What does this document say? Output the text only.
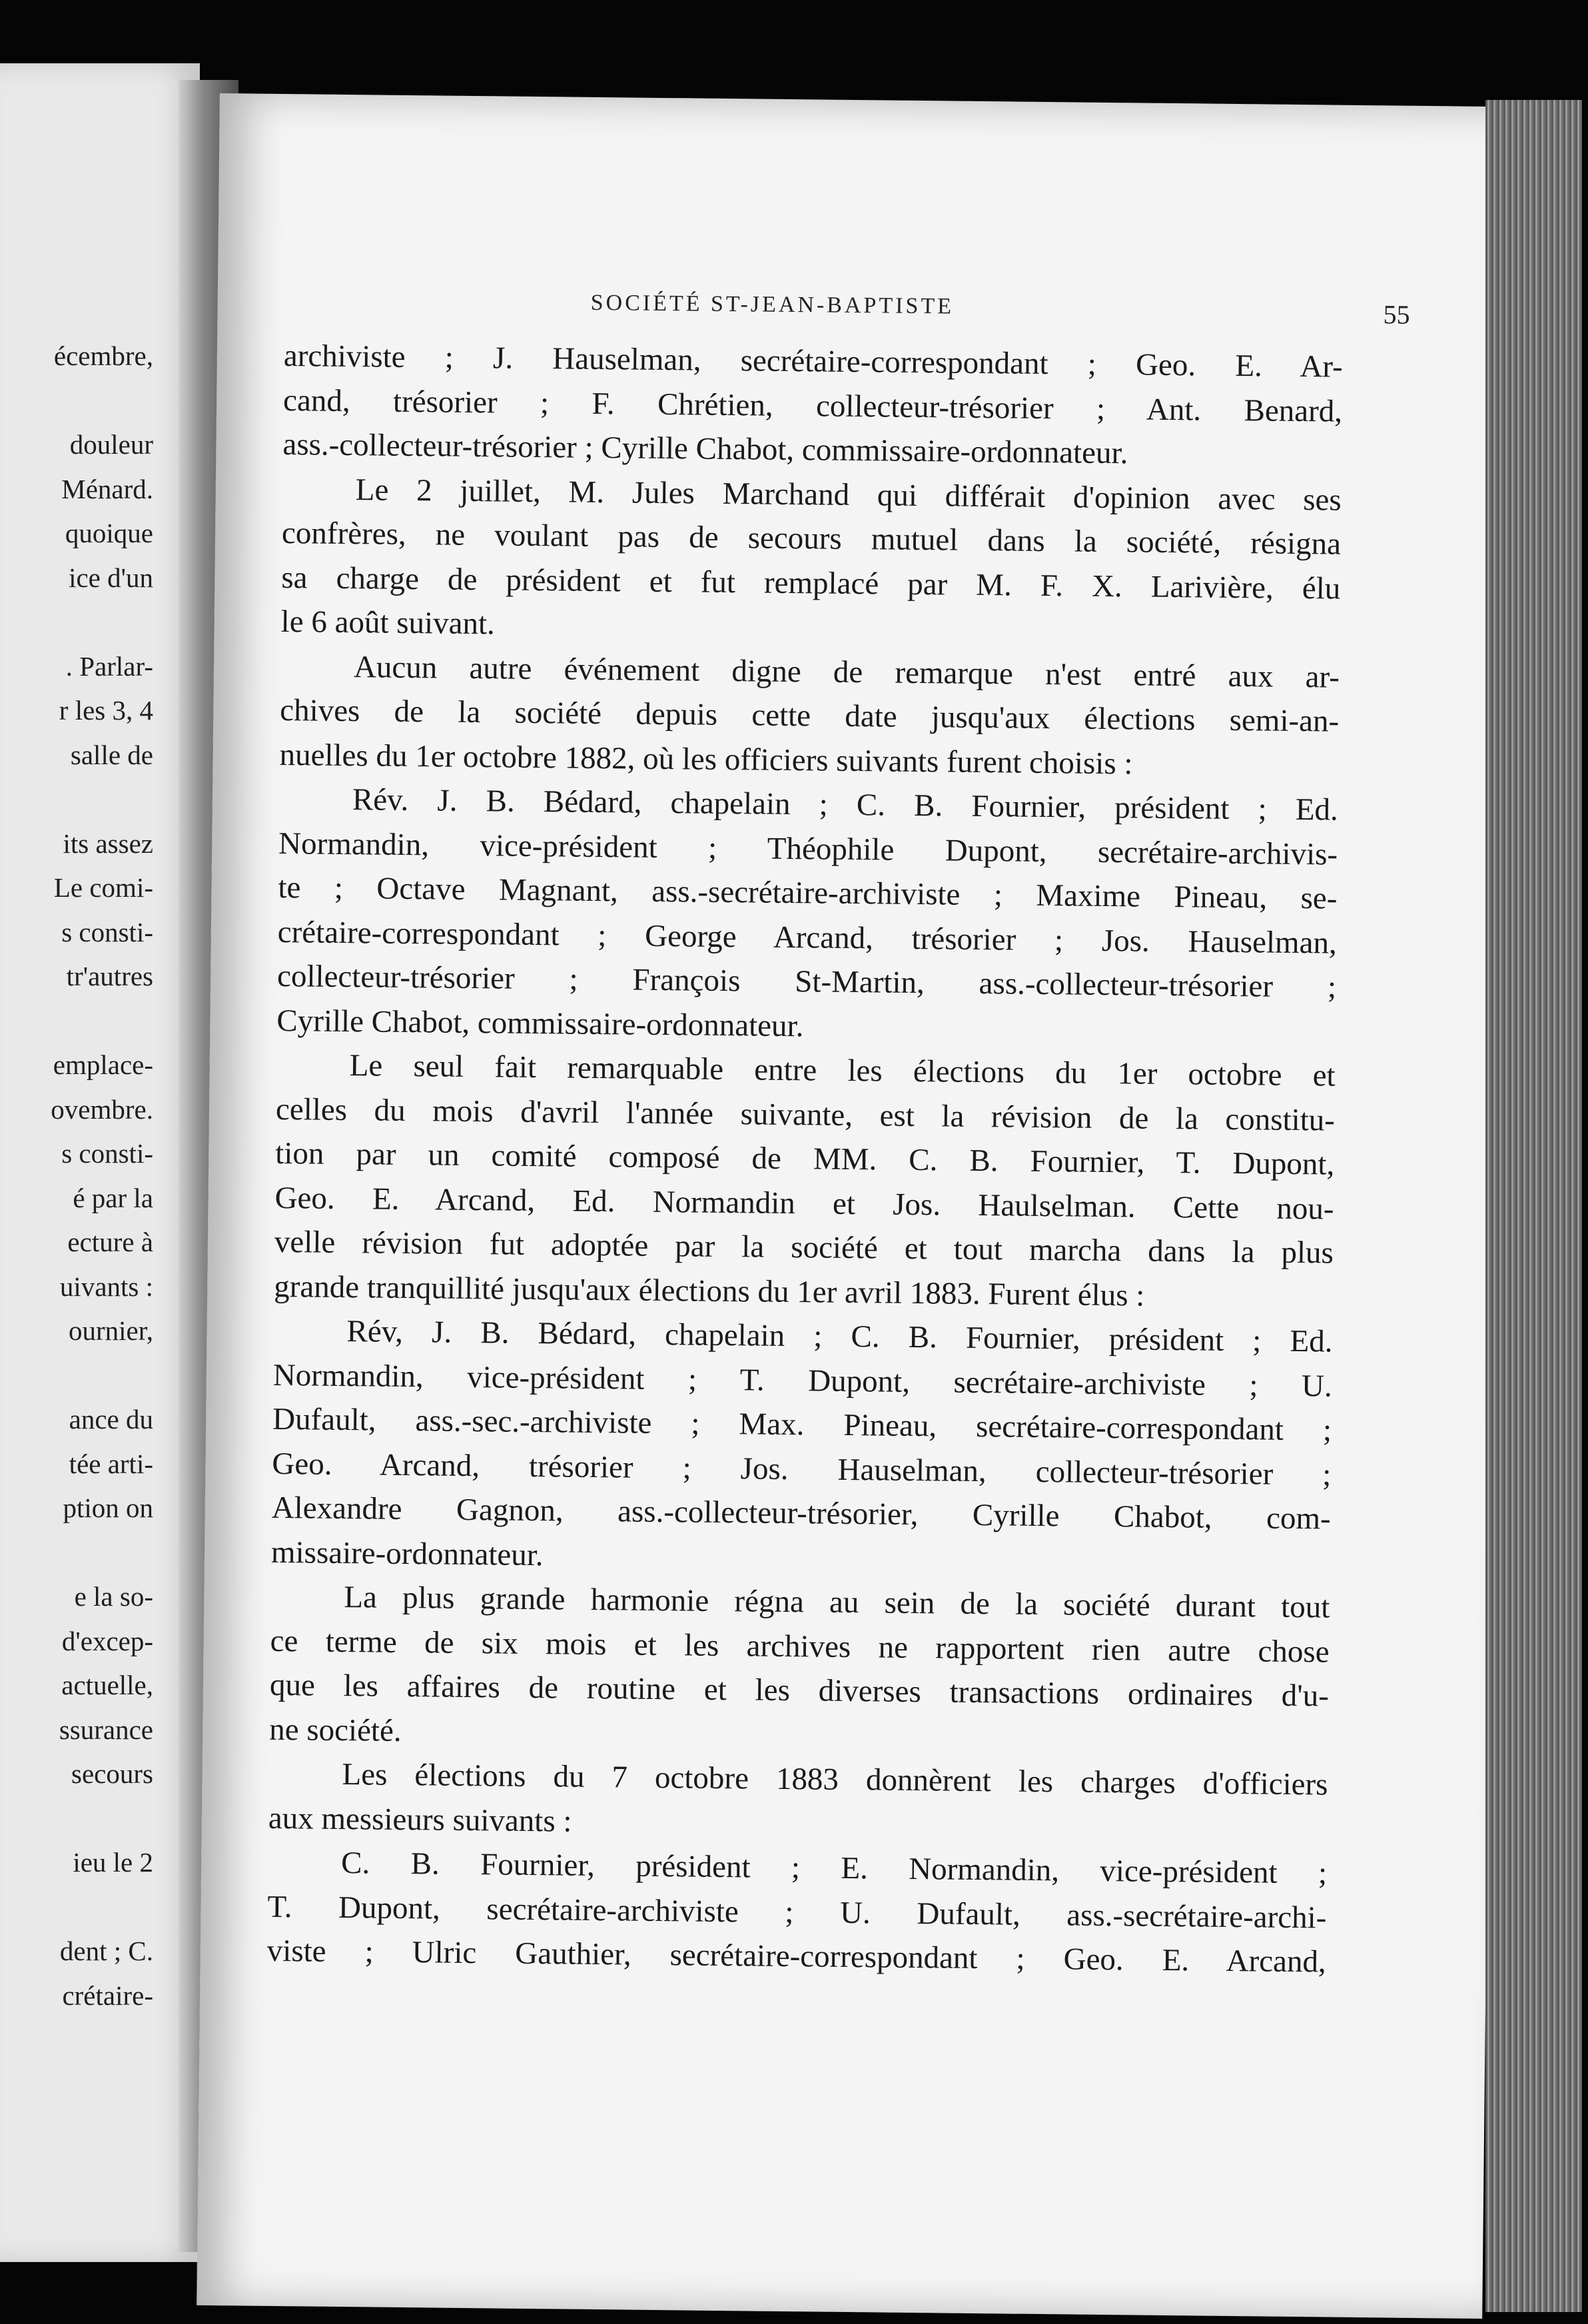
écembre,
douleur
Ménard.
quoique
ice d'un
. Parlar-
r les 3, 4
salle de
its assez
Le comi-
s consti-
tr'autres
emplace-
ovembre.
s consti-
é par la
ecture à
uivants :
ournier,
ance du
tée arti-
ption on
e la so-
d'excep-
actuelle,
ssurance
secours
ieu le 2
dent ; C.
crétaire-
SOCIÉTÉ ST-JEAN-BAPTISTE	55
archiviste ; J. Hauselman, secrétaire-correspondant ; Geo. E. Ar-
cand, trésorier ; F. Chrétien, collecteur-trésorier ; Ant. Benard,
ass.-collecteur-trésorier ; Cyrille Chabot, commissaire-ordonnateur.
Le 2 juillet, M. Jules Marchand qui différait d'opinion avec ses
confrères, ne voulant pas de secours mutuel dans la société, résigna
sa charge de président et fut remplacé par M. F. X. Larivière, élu
le 6 août suivant.
Aucun autre événement digne de remarque n'est entré aux ar-
chives de la société depuis cette date jusqu'aux élections semi-an-
nuelles du 1er octobre 1882, où les officiers suivants furent choisis :
Rév. J. B. Bédard, chapelain ; C. B. Fournier, président ; Ed.
Normandin, vice-président ; Théophile Dupont, secrétaire-archivis-
te ; Octave Magnant, ass.-secrétaire-archiviste ; Maxime Pineau, se-
crétaire-correspondant ; George Arcand, trésorier ; Jos. Hauselman,
collecteur-trésorier ; François St-Martin, ass.-collecteur-trésorier ;
Cyrille Chabot, commissaire-ordonnateur.
Le seul fait remarquable entre les élections du 1er octobre et
celles du mois d'avril l'année suivante, est la révision de la constitu-
tion par un comité composé de MM. C. B. Fournier, T. Dupont,
Geo. E. Arcand, Ed. Normandin et Jos. Haulselman. Cette nou-
velle révision fut adoptée par la société et tout marcha dans la plus
grande tranquillité jusqu'aux élections du 1er avril 1883. Furent élus :
Rév, J. B. Bédard, chapelain ; C. B. Fournier, président ; Ed.
Normandin, vice-président ; T. Dupont, secrétaire-archiviste ; U.
Dufault, ass.-sec.-archiviste ; Max. Pineau, secrétaire-correspondant ;
Geo. Arcand, trésorier ; Jos. Hauselman, collecteur-trésorier ;
Alexandre Gagnon, ass.-collecteur-trésorier, Cyrille Chabot, com-
missaire-ordonnateur.
La plus grande harmonie régna au sein de la société durant tout
ce terme de six mois et les archives ne rapportent rien autre chose
que les affaires de routine et les diverses transactions ordinaires d'u-
ne société.
Les élections du 7 octobre 1883 donnèrent les charges d'officiers
aux messieurs suivants :
C. B. Fournier, président ; E. Normandin, vice-président ;
T. Dupont, secrétaire-archiviste ; U. Dufault, ass.-secrétaire-archi-
viste ; Ulric Gauthier, secrétaire-correspondant ; Geo. E. Arcand,
